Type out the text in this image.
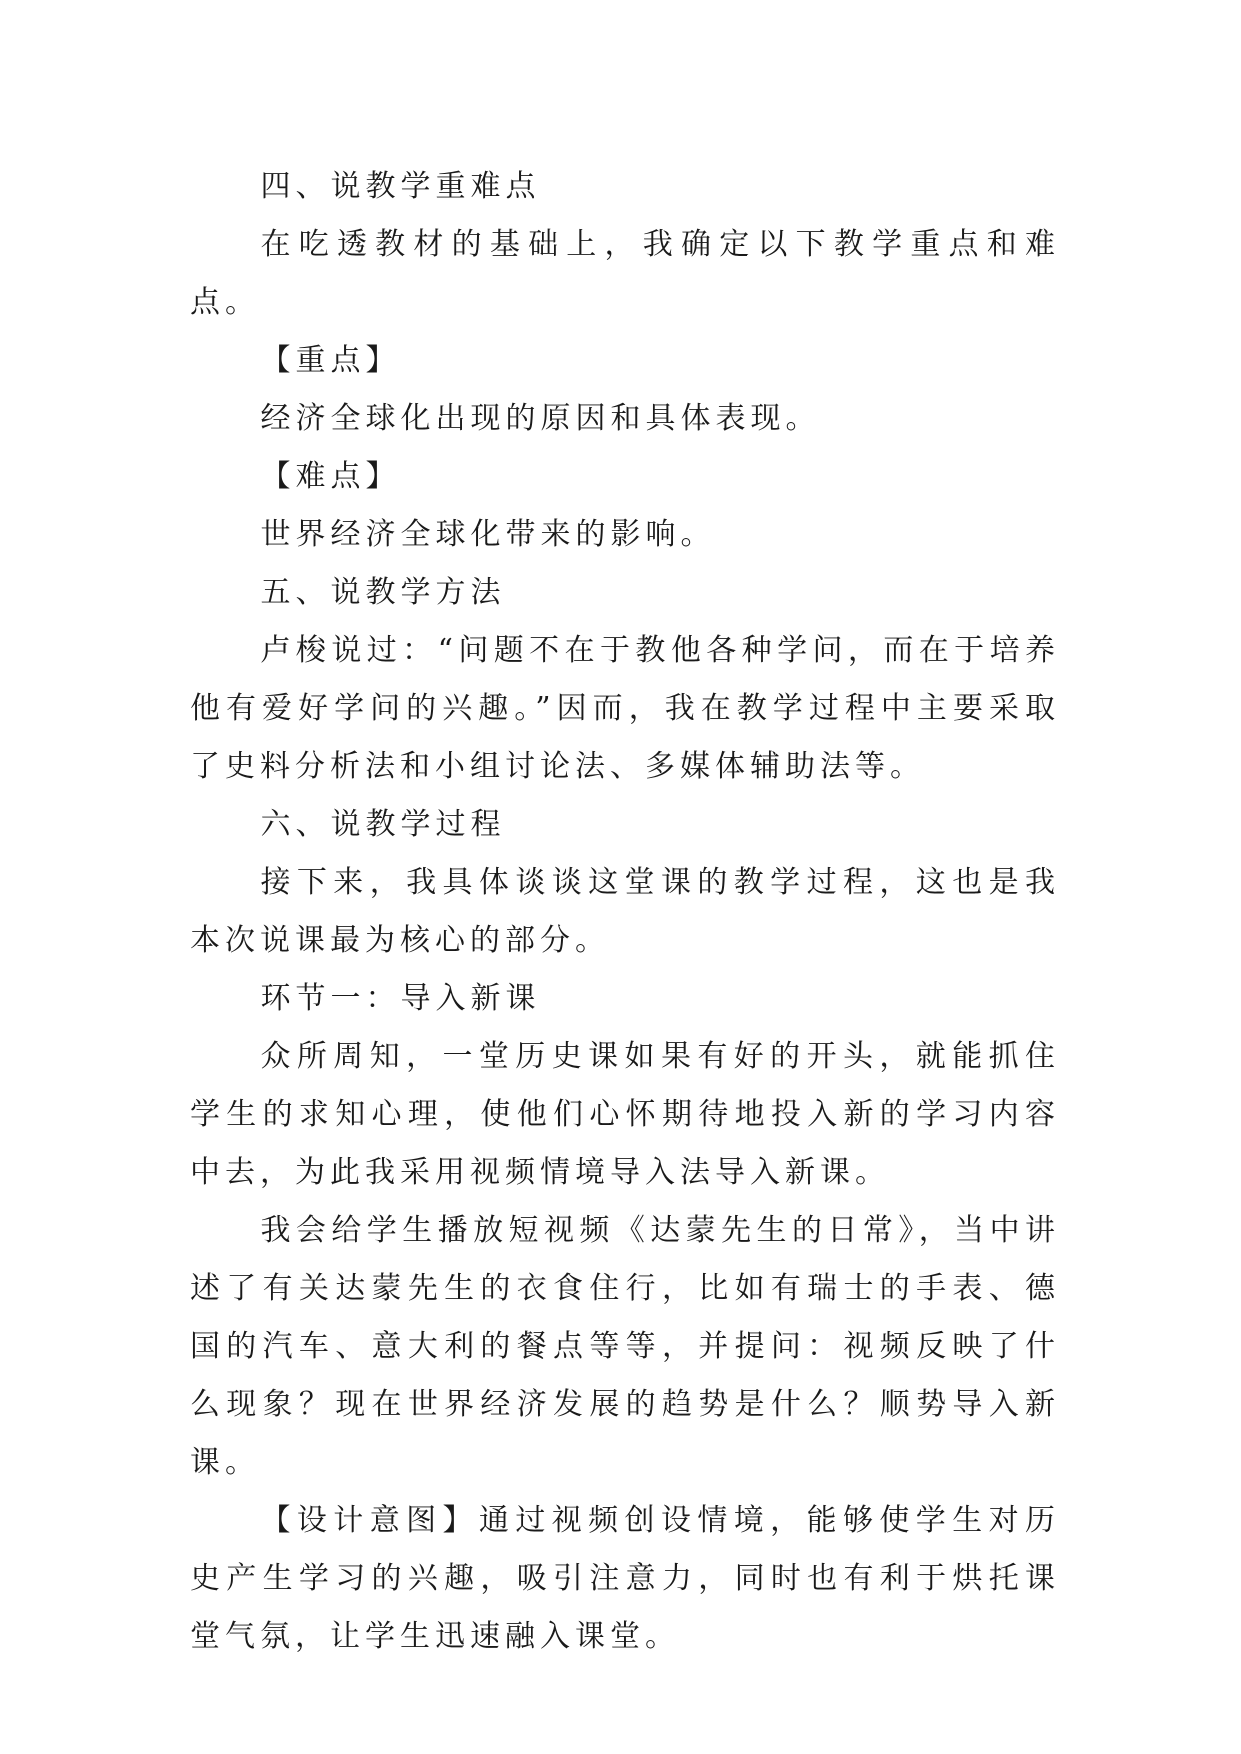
四、说教学重难点

在吃透教材的基础上，我确定以下教学重点和难点。

【重点】

经济全球化出现的原因和具体表现。

【难点】

世界经济全球化带来的影响。

五、说教学方法

卢梭说过：“问题不在于教他各种学问，而在于培养他有爱好学问的兴趣。”因而，我在教学过程中主要采取了史料分析法和小组讨论法、多媒体辅助法等。

六、说教学过程

接下来，我具体谈谈这堂课的教学过程，这也是我本次说课最为核心的部分。

环节一：导入新课

众所周知，一堂历史课如果有好的开头，就能抓住学生的求知心理，使他们心怀期待地投入新的学习内容中去，为此我采用视频情境导入法导入新课。

我会给学生播放短视频《达蒙先生的日常》，当中讲述了有关达蒙先生的衣食住行，比如有瑞士的手表、德国的汽车、意大利的餐点等等，并提问：视频反映了什么现象？现在世界经济发展的趋势是什么？顺势导入新课。

【设计意图】通过视频创设情境，能够使学生对历史产生学习的兴趣，吸引注意力，同时也有利于烘托课堂气氛，让学生迅速融入课堂。
